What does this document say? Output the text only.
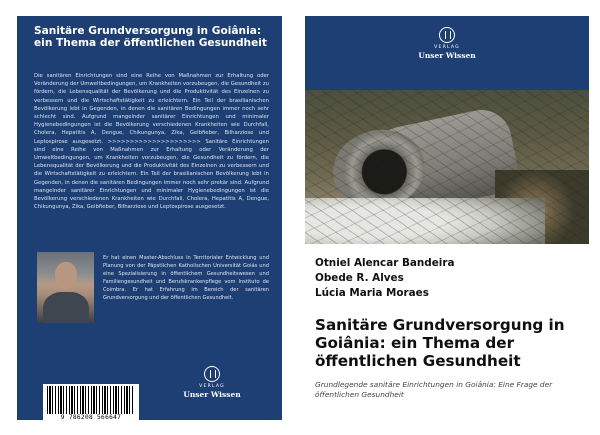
Sanitäre Grundversorgung in Goiânia: ein Thema der öffentlichen Gesundheit
Die sanitären Einrichtungen sind eine Reihe von Maßnahmen zur Erhaltung oder Veränderung der Umweltbedingungen, um Krankheiten vorzubeugen, die Gesundheit zu fördern, die Lebensqualität der Bevölkerung und die Produktivität des Einzelnen zu verbessern und die Wirtschaftstätigkeit zu erleichtern. Ein Teil der brasilianischen Bevölkerung lebt in Gegenden, in denen die sanitären Bedingungen immer noch sehr schlecht sind. Aufgrund mangelnder sanitärer Einrichtungen und minimaler Hygienebedingungen ist die Bevölkerung verschiedenen Krankheiten wie Durchfall, Cholera, Hepatitis A, Dengue, Chikungunya, Zika, Gelbfieber, Bilharziose und Leptospirose ausgesetzt. >>>>>>>>>>>>>>>>>>>>> Sanitäre Einrichtungen sind eine Reihe von Maßnahmen zur Erhaltung oder Veränderung der Umweltbedingungen, um Krankheiten vorzubeugen, die Gesundheit zu fördern, die Lebensqualität der Bevölkerung und die Produktivität des Einzelnen zu verbessern und die Wirtschaftstätigkeit zu erleichtern. Ein Teil der brasilianischen Bevölkerung lebt in Gegenden, in denen die sanitären Bedingungen immer noch sehr prekär sind. Aufgrund mangelnder sanitärer Einrichtungen und minimaler Hygienebedingungen ist die Bevölkerung verschiedenen Krankheiten wie Durchfall, Cholera, Hepatitis A, Dengue, Chikungunya, Zika, Gelbfieber, Bilharziose und Leptospirose ausgesetzt.
Er hat einen Master-Abschluss in Territorialer Entwicklung und Planung von der Päpstlichen Katholischen Universität Goiás und eine Spezialisierung in öffentlichem Gesundheitswesen und Familiengesundheit und Berufskrankenpflege vom Instituto de Coimbra. Er hat Erfahrung im Bereich der sanitären Grundversorgung und der öffentlichen Gesundheit.
VERLAG
Unser Wissen
9 786208 566647
VERLAG
Unser Wissen
Otniel Alencar Bandeira
Obede R. Alves
Lúcia Maria Moraes
Sanitäre Grundversorgung in Goiânia: ein Thema der öffentlichen Gesundheit
Grundlegende sanitäre Einrichtungen in Goiânia: Eine Frage der öffentlichen Gesundheit
